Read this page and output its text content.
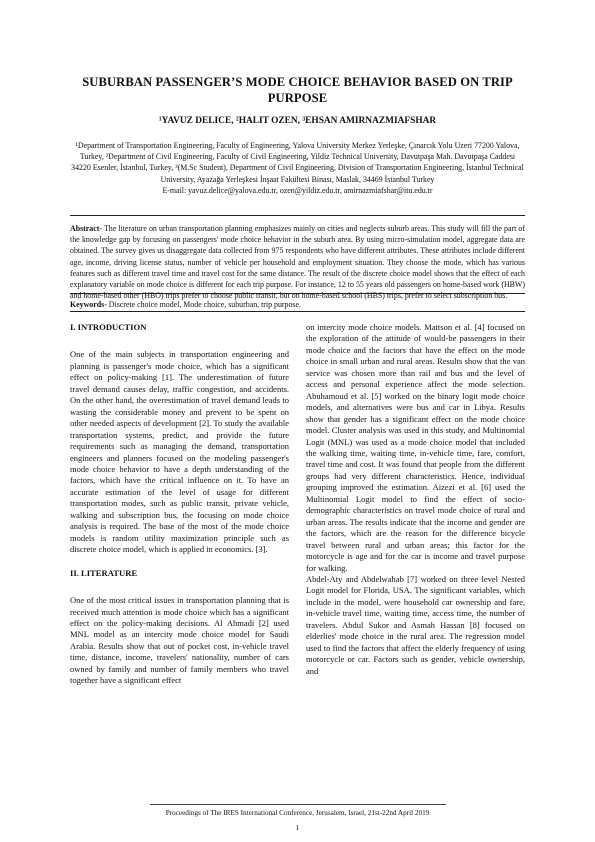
SUBURBAN PASSENGER’S MODE CHOICE BEHAVIOR BASED ON TRIP PURPOSE
¹YAVUZ DELICE, ²HALIT OZEN, ³EHSAN AMIRNAZMIAFSHAR
¹Department of Transportation Engineering, Faculty of Engineering, Yalova University Merkez Yerleşke, Çınarcık Yolu Uzeri 77200 Yalova, Turkey, ²Department of Civil Engineering, Faculty of Civil Engineering, Yildiz Technical University, Davutpaşa Mah. Davutpaşa Caddesi 34220 Esenler, İstanbul, Turkey, ³(M.Sc Student), Department of Civil Engineering, Division of Transportation Engineering, İstanbul Technical University, Ayazağa Yerleşkesi İnşaat Fakültesi Binası, Maslak, 34469 İstanbul Turkey
E-mail: yavuz.delice@yalova.edu.tr, ozen@yildiz.edu.tr, amirnazmiafshar@itu.edu.tr
Abstract- The literature on urban transportation planning emphasizes mainly on cities and neglects suburb areas. This study will fill the part of the knowledge gap by focusing on passengers' mode choice behavior in the suburb area. By using micro-simulation model, aggregate data are obtained. The survey gives us disaggregate data collected from 975 respondents who have different attributes. These attributes include different age, income, driving license status, number of vehicle per household and employment situation. They choose the mode, which has various features such as different travel time and travel cost for the same distance. The result of the discrete choice model shows that the effect of each explanatory variable on mode choice is different for each trip purpose. For instance, 12 to 55 years old passengers on home-based work (HBW) and home-based other (HBO) trips prefer to choose public transit, but on home-based school (HBS) trips, prefer to select subscription bus.
Keywords- Discrete choice model, Mode choice, suburban, trip purpose.
I. INTRODUCTION
One of the main subjects in transportation engineering and planning is passenger's mode choice, which has a significant effect on policy-making [1]. The underestimation of future travel demand causes delay, traffic congestion, and accidents. On the other hand, the overestimation of travel demand leads to wasting the considerable money and prevent to be spent on other needed aspects of development [2]. To study the available transportation systems, predict, and provide the future requirements such as managing the demand, transportation engineers and planners focused on the modeling passenger's mode choice behavior to have a depth understanding of the factors, which have the critical influence on it. To have an accurate estimation of the level of usage for different transportation modes, such as public transit, private vehicle, walking and subscription bus, the focusing on mode choice analysis is required. The base of the most of the mode choice models is random utility maximization principle such as discrete choice model, which is applied in economics. [3].
II. LITERATURE
One of the most critical issues in transportation planning that is received much attention is mode choice which has a significant effect on the policy-making decisions. Al Ahmadi [2] used MNL model as an intercity mode choice model for Saudi Arabia. Results show that out of pocket cost, in-vehicle travel time, distance, income, travelers' nationality, number of cars owned by family and number of family members who travel together have a significant effect
on intercity mode choice models. Mattson et al. [4] focused on the exploration of the attitude of would-be passengers in their mode choice and the factors that have the effect on the mode choice in small urban and rural areas. Results show that the van service was chosen more than rail and bus and the level of access and personal experience affect the mode selection. Abuhamoud et al. [5] worked on the binary logit mode choice models, and alternatives were bus and car in Libya. Results show that gender has a significant effect on the mode choice model. Cluster analysis was used in this study, and Multinomial Logit (MNL) was used as a mode choice model that included the walking time, waiting time, in-vehicle time, fare, comfort, travel time and cost. It was found that people from the different groups had very different characteristics. Hence, individual grouping improved the estimation. Aizezi et al. [6] used the Multinomial Logit model to find the effect of socio-demographic characteristics on travel mode choice of rural and urban areas. The results indicate that the income and gender are the factors, which are the reason for the difference bicycle travel between rural and urban areas; this factor for the motorcycle is age and for the car is income and travel purpose for walking.
Abdel-Aty and Abdelwahab [7] worked on three level Nested Logit model for Florida, USA. The significant variables, which include in the model, were household car ownership and fare, in-vehicle travel time, waiting time, access time, the number of travelers. Abdul Sukor and Asmah Hassan [8] focused on elderlies' mode choice in the rural area. The regression model used to find the factors that affect the elderly frequency of using motorcycle or car. Factors such as gender, vehicle ownership, and
Proceedings of The IRES International Conference, Jerusalem, Israel, 21st-22nd April 2019
1
